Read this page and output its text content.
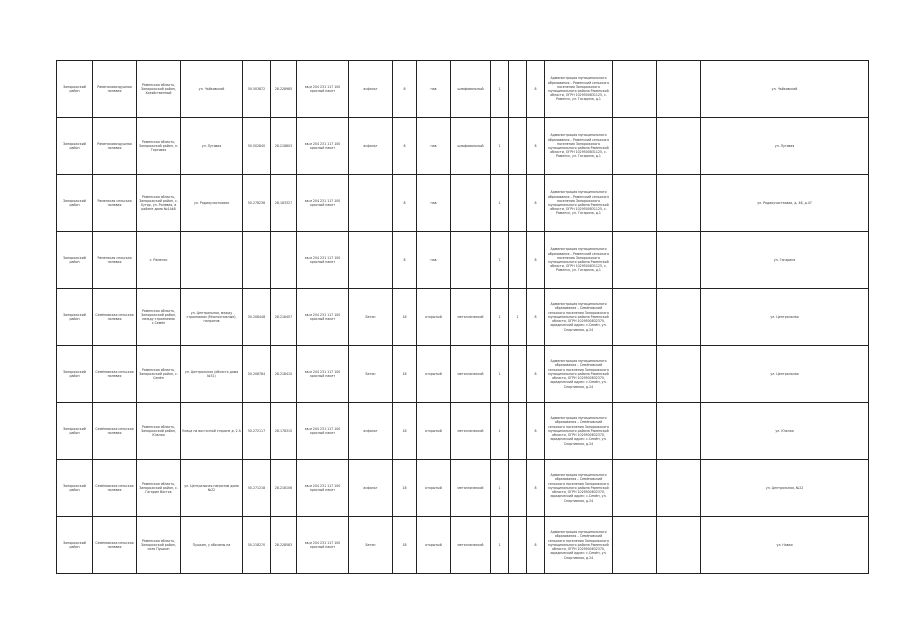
Запорожский район	Раменсковоздушная полевая	Раменская область, Запорожский район, Хозяйственный	ул. Чайковский	50.503872	28.228985	кв.м 204 231 117 100 красный пакет	асфальт	8	пав	шлифовальный	1		8	Администрация муниципального образования – Раменский сельского поселения Запорожского муниципального района Раменской области, ОГРН 1029500831125, с. Раменск, ул. Гагарина, д.1			ул. Чайковский
Запорожский район	Раменсковоздушная полевая	Раменская область, Запорожский район, п. Торговая	ул. Луговая	50.502840	28.218803	кв.м 204 231 117 100 красный пакет	асфальт	8	пав	шлифовальный	1		8	Администрация муниципального образования – Раменский сельского поселения Запорожского муниципального района Раменской области, ОГРН 1029500831125, с. Раменск, ул. Гагарина, д.1			ул. Луговая
Запорожский район	Раменская сельская полевая	Раменская область, Запорожский район, с. Хутор, ул. Ролевая, в районе дома №4-№8	ул. Радиоучастковая	50.278236	28.183327	кв.м 204 231 117 100 красный пакет		8	пав		1		8	Администрация муниципального образования – Раменский сельского поселения Запорожского муниципального района Раменской области, ОГРН 1029500831125, с. Раменск, ул. Гагарина, д.1			ул. Радиоучастковая, д. 46, д.47
Запорожский район	Раменская сельская полевая	с. Раменск				кв.м 204 231 117 100 красный пакет		8	пав		1		8	Администрация муниципального образования – Раменский сельского поселения Запорожского муниципального района Раменской области, ОГРН 1029500831125, с. Раменск, ул. Гагарина, д.1			ул. Гагарина
Запорожский район	Семёновская сельская полевая	Раменская область, Запорожский район, между строениями с.Семён	ул. Центральная, между строениями (Многоэтажные), напротив	50.208448	28.218407	кв.м 204 231 117 100 красный пакет	Бетон	18	открытый	металлический	1	1	8	Администрация муниципального образования – Семёновский сельского поселения Запорожского муниципального района Раменской области, ОГРН 1029500832370, юридический адрес: с.Семён, ул. Спортивная, д.24			ул. Центральная
Запорожский район	Семёновская сельская полевая	Раменская область, Запорожский район, с. Семён	ул. Центральная (область дома №31)	50.208784	28.218410	кв.м 204 231 117 100 красный пакет	Бетон	18	открытый	металлический	1		8	Администрация муниципального образования – Семёновский сельского поселения Запорожского муниципального района Раменской области, ОГРН 1029500832370, юридический адрес: с.Семён, ул. Спортивная, д.24			ул. Центральная
Запорожский район	Семёновская сельская полевая	Раменская область, Запорожский район, Южная	Улица на восточной стороне д. 2 А	50.272117	28.178310	кв.м 204 231 117 100 красный пакет	асфальт	18	открытый	металлический	1		8	Администрация муниципального образования – Семёновский сельского поселения Запорожского муниципального района Раменской области, ОГРН 1029500832370, юридический адрес: с.Семён, ул. Спортивная, д.24			ул. Южная
Запорожский район	Семёновская сельская полевая	Раменская область, Запорожский район, с. Гагарин Восток	ул. Центральная напротив дома №22	50.271218	28.218106	кв.м 204 231 117 100 красный пакет	асфальт	18	открытый	металлический	1		8	Администрация муниципального образования – Семёновский сельского поселения Запорожского муниципального района Раменской области, ОГРН 1029500832370, юридический адрес: с.Семён, ул. Спортивная, д.24			ул. Центральная, №22
Запорожский район	Семёновская сельская полевая	Раменская область, Запорожский район, село Пушкин	Пушкин, у обочины на	50.218270	28.228583	кв.м 204 231 117 100 красный пакет	Бетон	18	открытый	металлический	1		8	Администрация муниципального образования – Семёновский сельского поселения Запорожского муниципального района Раменской области, ОГРН 1029500832370, юридический адрес: с.Семён, ул. Спортивная, д.24			ул. Новая
